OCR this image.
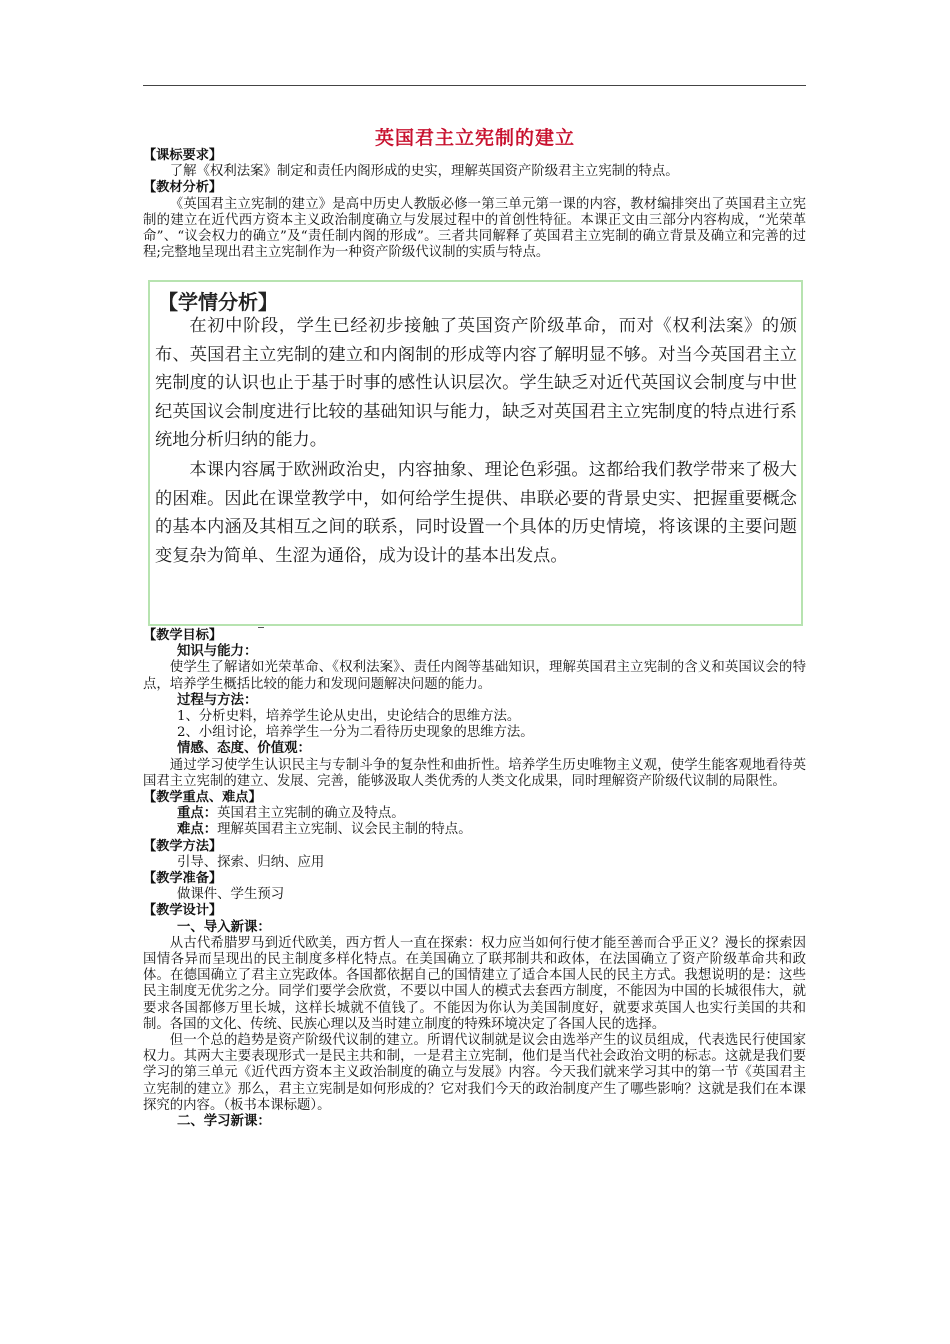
英国君主立宪制的建立
【课标要求】

了解《权利法案》制定和责任内阁形成的史实，理解英国资产阶级君主立宪制的特点。

【教材分析】

《英国君主立宪制的建立》是高中历史人教版必修一第三单元第一课的内容，教材编排突出了英国君主立宪制的建立在近代西方资本主义政治制度确立与发展过程中的首创性特征。本课正文由三部分内容构成，“光荣革命”、“议会权力的确立”及“责任制内阁的形成”。三者共同解释了英国君主立宪制的确立背景及确立和完善的过程;完整地呈现出君主立宪制作为一种资产阶级代议制的实质与特点。

【学情分析】

在初中阶段，学生已经初步接触了英国资产阶级革命，而对《权利法案》的颁布、英国君主立宪制的建立和内阁制的形成等内容了解明显不够。对当今英国君主立宪制度的认识也止于基于时事的感性认识层次。学生缺乏对近代英国议会制度与中世纪英国议会制度进行比较的基础知识与能力，缺乏对英国君主立宪制度的特点进行系统地分析归纳的能力。

本课内容属于欧洲政治史，内容抽象、理论色彩强。这都给我们教学带来了极大的困难。因此在课堂教学中，如何给学生提供、串联必要的背景史实、把握重要概念的基本内涵及其相互之间的联系，同时设置一个具体的历史情境，将该课的主要问题变复杂为简单、生涩为通俗，成为设计的基本出发点。

【教学目标】

知识与能力：

使学生了解诸如光荣革命、《权利法案》、责任内阁等基础知识，理解英国君主立宪制的含义和英国议会的特点，培养学生概括比较的能力和发现问题解决问题的能力。

过程与方法：

1、分析史料，培养学生论从史出，史论结合的思维方法。

2、小组讨论，培养学生一分为二看待历史现象的思维方法。

情感、态度、价值观：

通过学习使学生认识民主与专制斗争的复杂性和曲折性。培养学生历史唯物主义观，使学生能客观地看待英国君主立宪制的建立、发展、完善，能够汲取人类优秀的人类文化成果，同时理解资产阶级代议制的局限性。

【教学重点、难点】

重点：英国君主立宪制的确立及特点。

难点：理解英国君主立宪制、议会民主制的特点。

【教学方法】

引导、探索、归纳、应用

【教学准备】

做课件、学生预习

【教学设计】

一、导入新课：

从古代希腊罗马到近代欧美，西方哲人一直在探索：权力应当如何行使才能至善而合乎正义？漫长的探索因国情各异而呈现出的民主制度多样化特点。在美国确立了联邦制共和政体，在法国确立了资产阶级革命共和政体。在德国确立了君主立宪政体。各国都依据自己的国情建立了适合本国人民的民主方式。我想说明的是：这些民主制度无优劣之分。同学们要学会欣赏，不要以中国人的模式去套西方制度，不能因为中国的长城很伟大，就要求各国都修万里长城，这样长城就不值钱了。不能因为你认为美国制度好，就要求英国人也实行美国的共和制。各国的文化、传统、民族心理以及当时建立制度的特殊环境决定了各国人民的选择。

但一个总的趋势是资产阶级代议制的建立。所谓代议制就是议会由选举产生的议员组成，代表选民行使国家权力。其两大主要表现形式一是民主共和制，一是君主立宪制，他们是当代社会政治文明的标志。这就是我们要学习的第三单元《近代西方资本主义政治制度的确立与发展》内容。今天我们就来学习其中的第一节《英国君主立宪制的建立》那么，君主立宪制是如何形成的？它对我们今天的政治制度产生了哪些影响？这就是我们在本课探究的内容。（板书本课标题）。

二、学习新课：
